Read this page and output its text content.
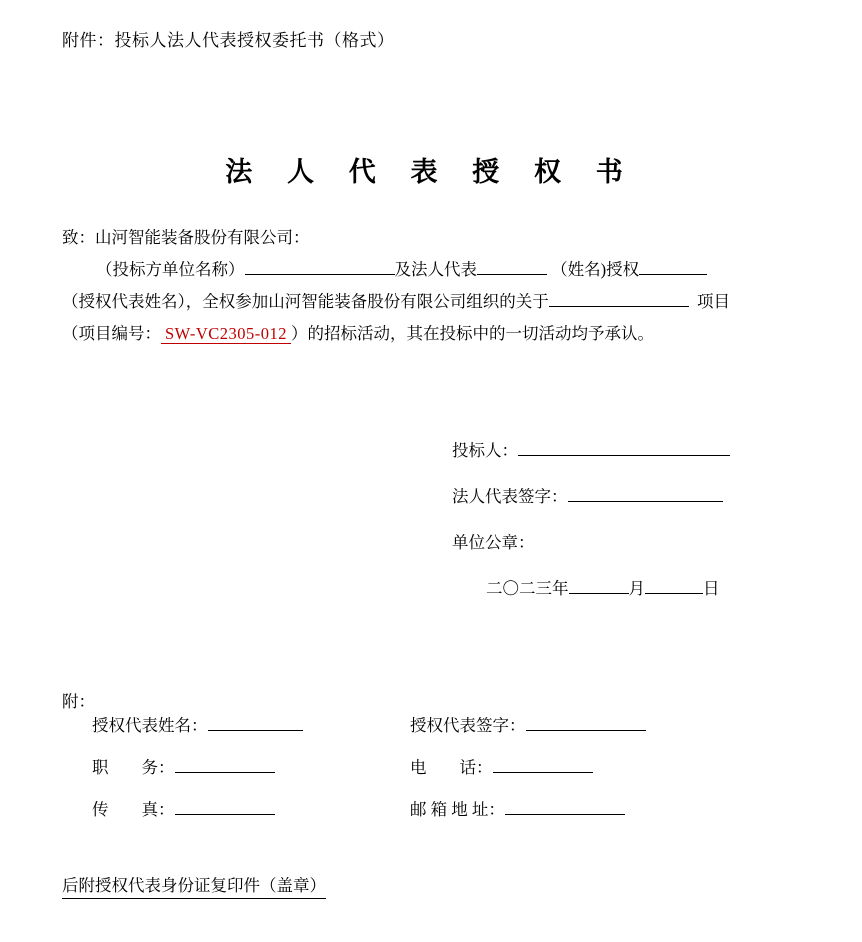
附件：投标人法人代表授权委托书（格式）
法 人 代 表 授 权 书
致：山河智能装备股份有限公司：
（投标方单位名称）	及法人代表	（姓名)授权
（授权代表姓名），全权参加山河智能装备股份有限公司组织的关于	项目
（项目编号： SW-VC2305-012 ）的招标活动，其在投标中的一切活动均予承认。
投标人：
法人代表签字：
单位公章：
二〇二三年	月	日
附：
授权代表姓名：	授权代表签字：
职　　务：	电　　话：
传　　真：	邮 箱 地 址：
后附授权代表身份证复印件（盖章）
